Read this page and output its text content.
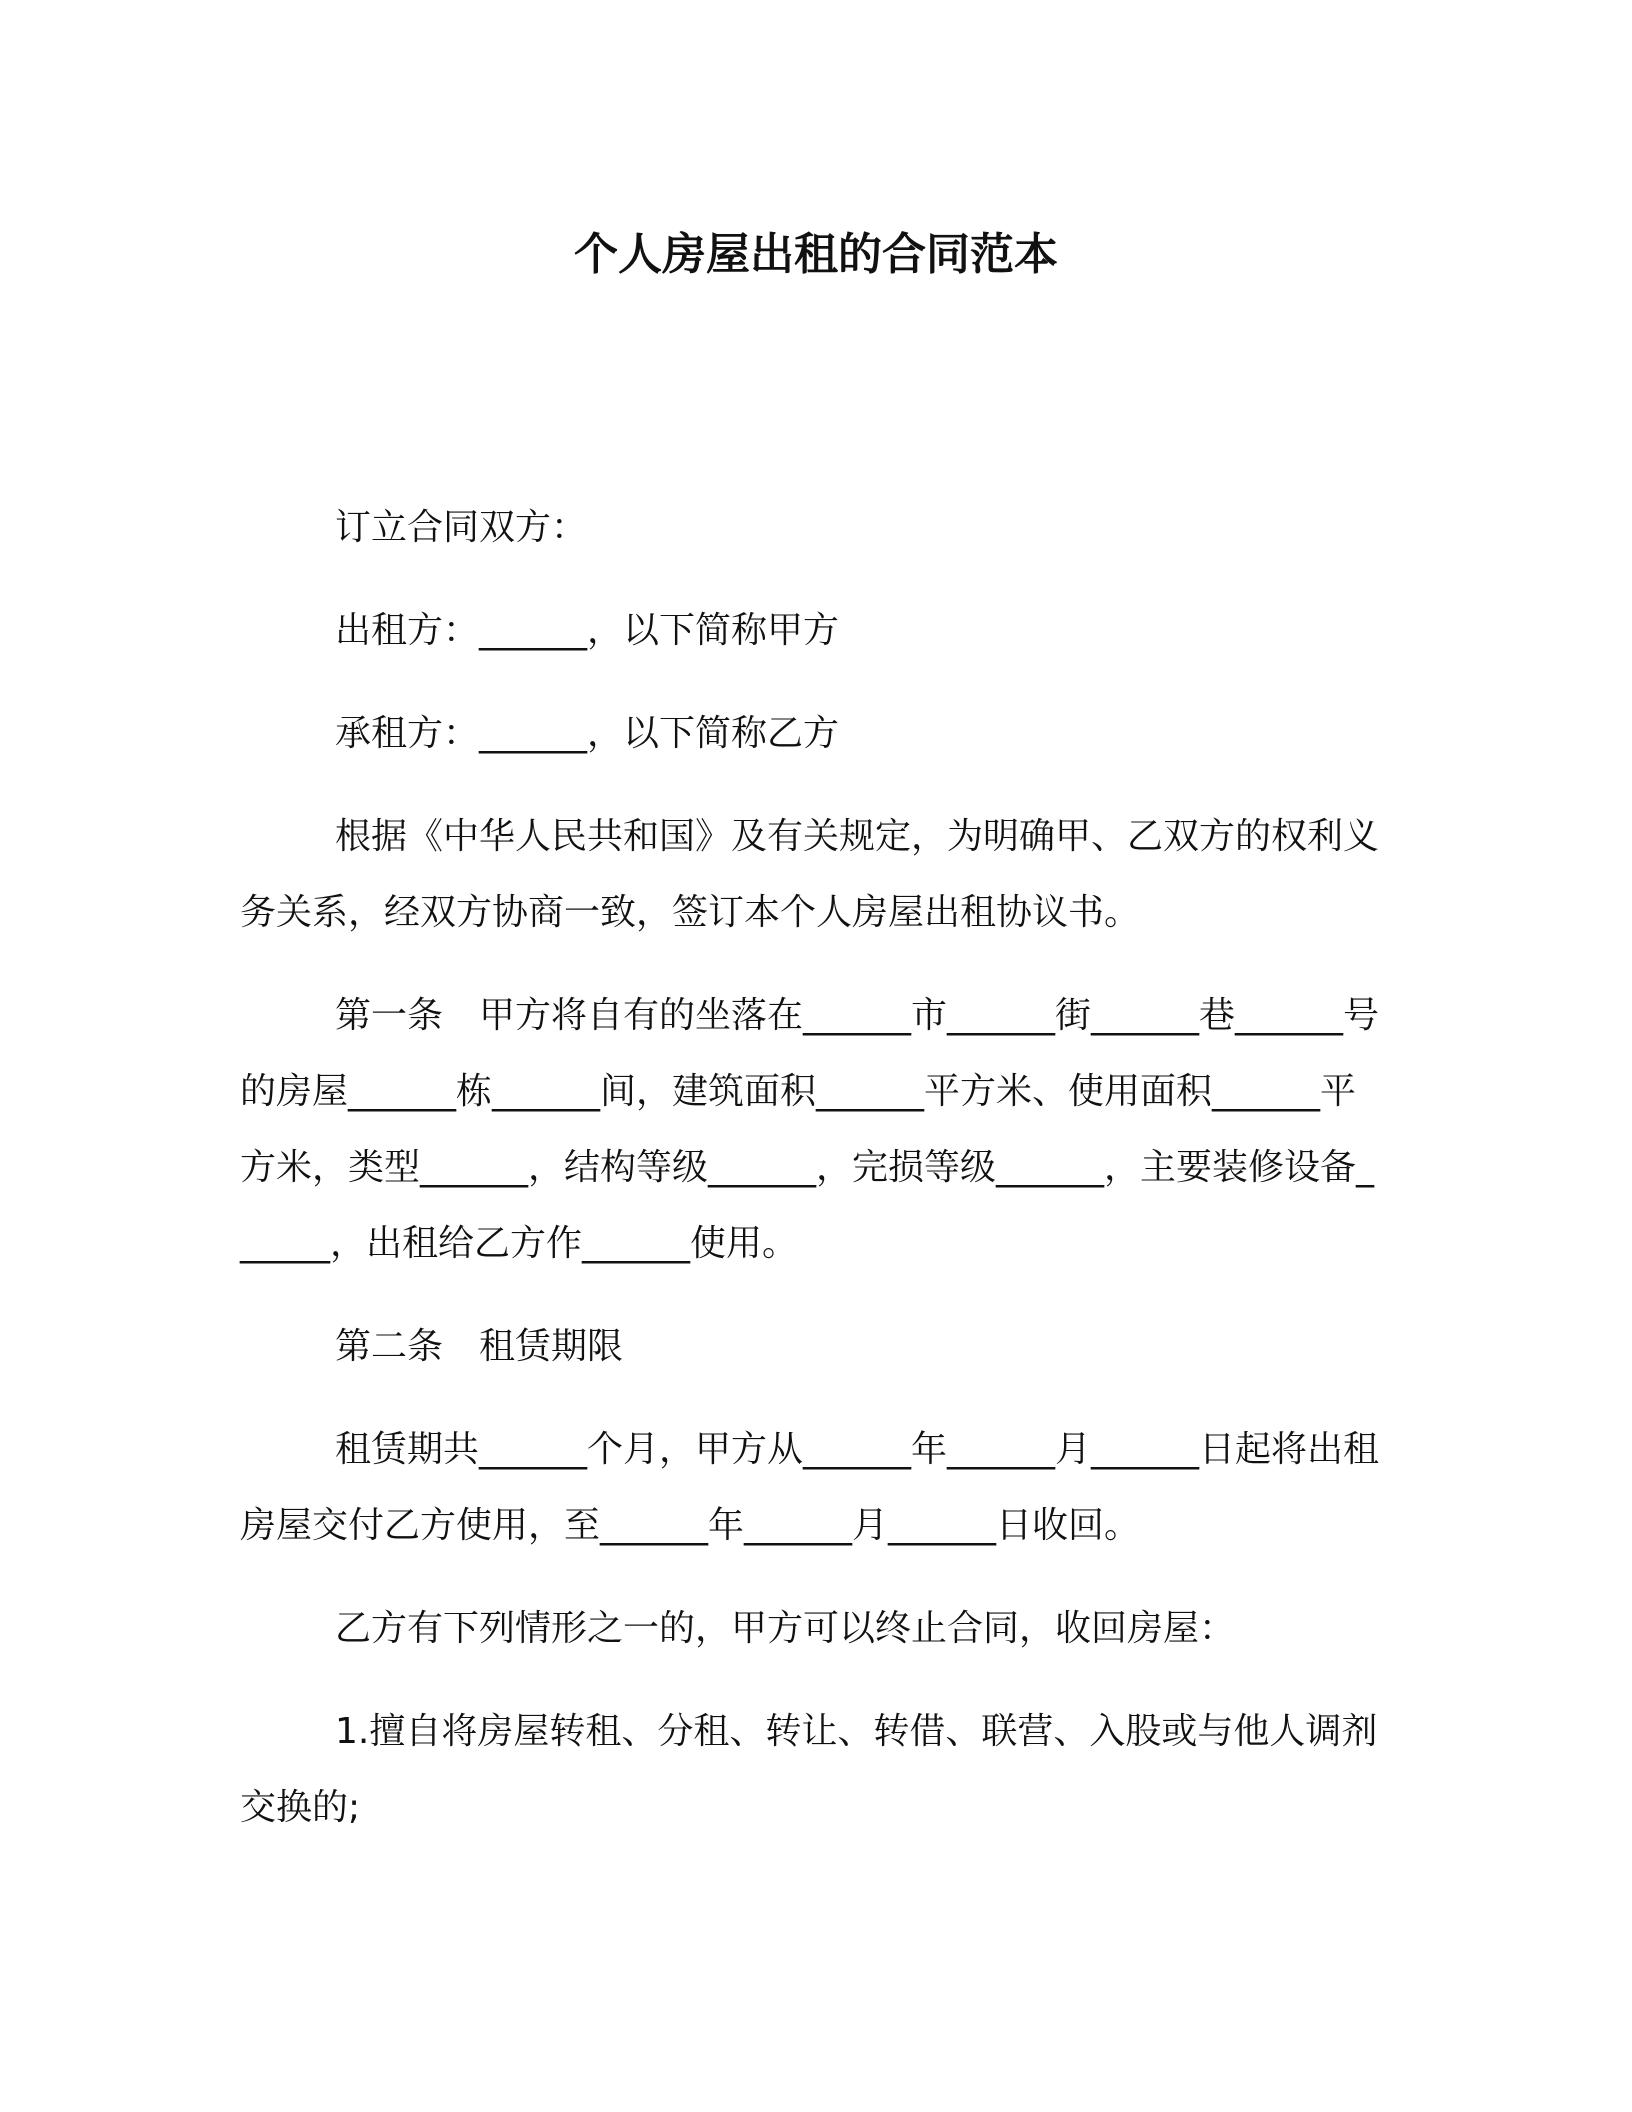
个人房屋出租的合同范本

订立合同双方：

出租方：______，以下简称甲方

承租方：______，以下简称乙方

根据《中华人民共和国》及有关规定，为明确甲、乙双方的权利义务关系，经双方协商一致，签订本个人房屋出租协议书。

第一条　甲方将自有的坐落在______市______街______巷______号的房屋______栋______间，建筑面积______平方米、使用面积______平方米，类型______，结构等级______，完损等级______，主要装修设备______，出租给乙方作______使用。

第二条　租赁期限

租赁期共______个月，甲方从______年______月______日起将出租房屋交付乙方使用，至______年______月______日收回。

乙方有下列情形之一的，甲方可以终止合同，收回房屋：

1.擅自将房屋转租、分租、转让、转借、联营、入股或与他人调剂交换的;
